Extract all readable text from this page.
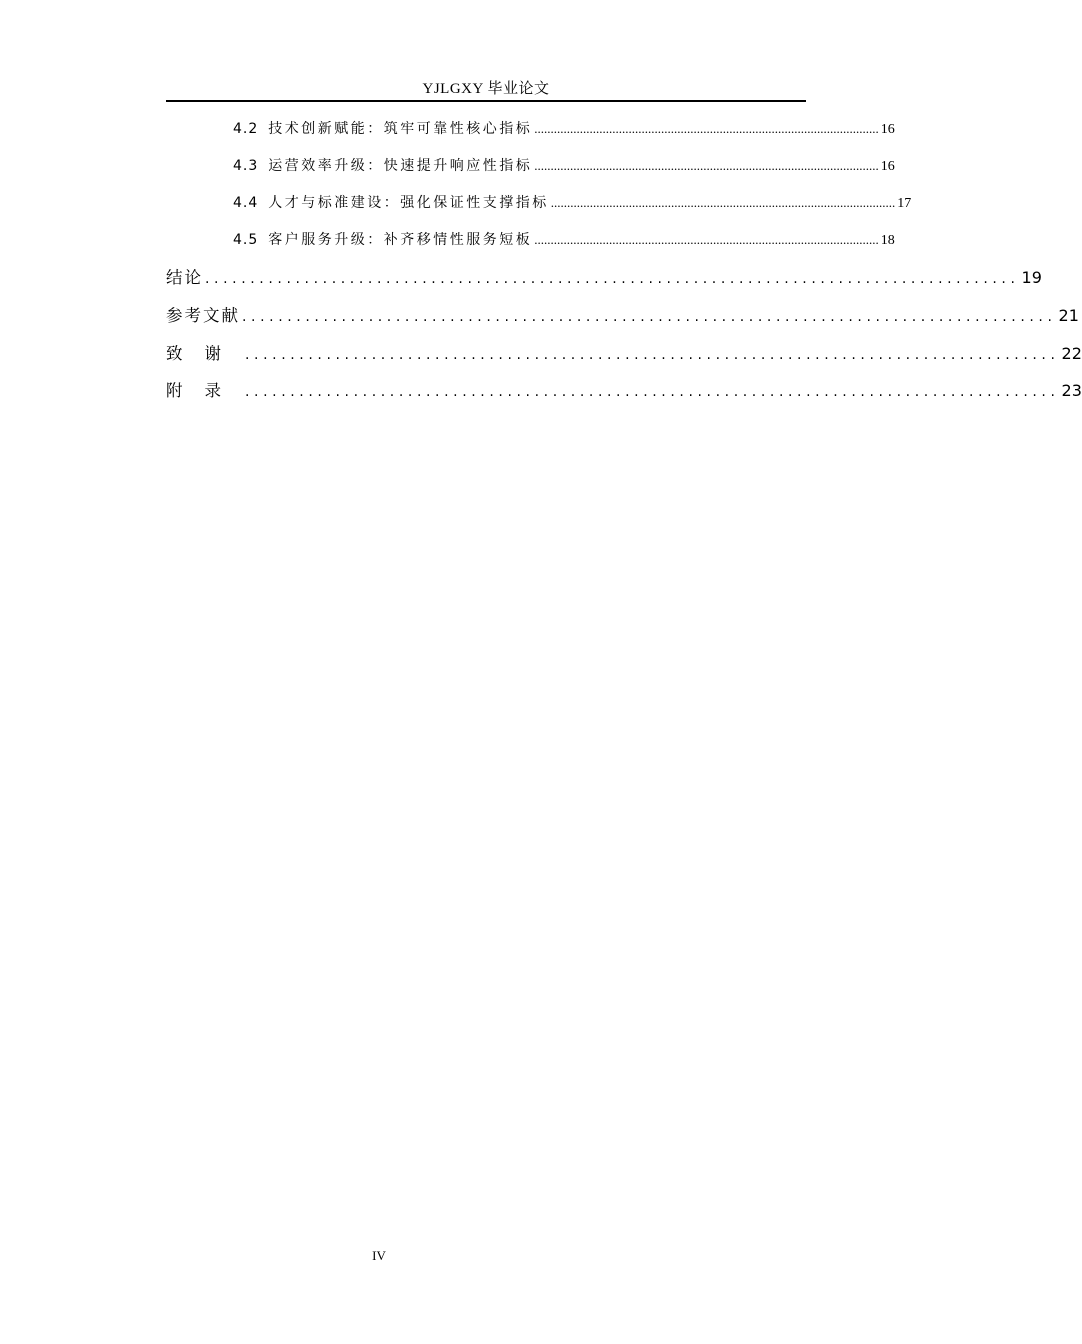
YJLGXY 毕业论文
4.2 技术创新赋能：筑牢可靠性核心指标 .......................................................................................................... 16
4.3 运营效率升级：快速提升响应性指标 .......................................................................................................... 16
4.4 人才与标准建设：强化保证性支撑指标 .......................................................................................................... 17
4.5 客户服务升级：补齐移情性服务短板 .......................................................................................................... 18
结论 .......................................................................................... 19
参考文献 .......................................................................................... 21
致谢 .......................................................................................... 22
附录 .......................................................................................... 23
IV
